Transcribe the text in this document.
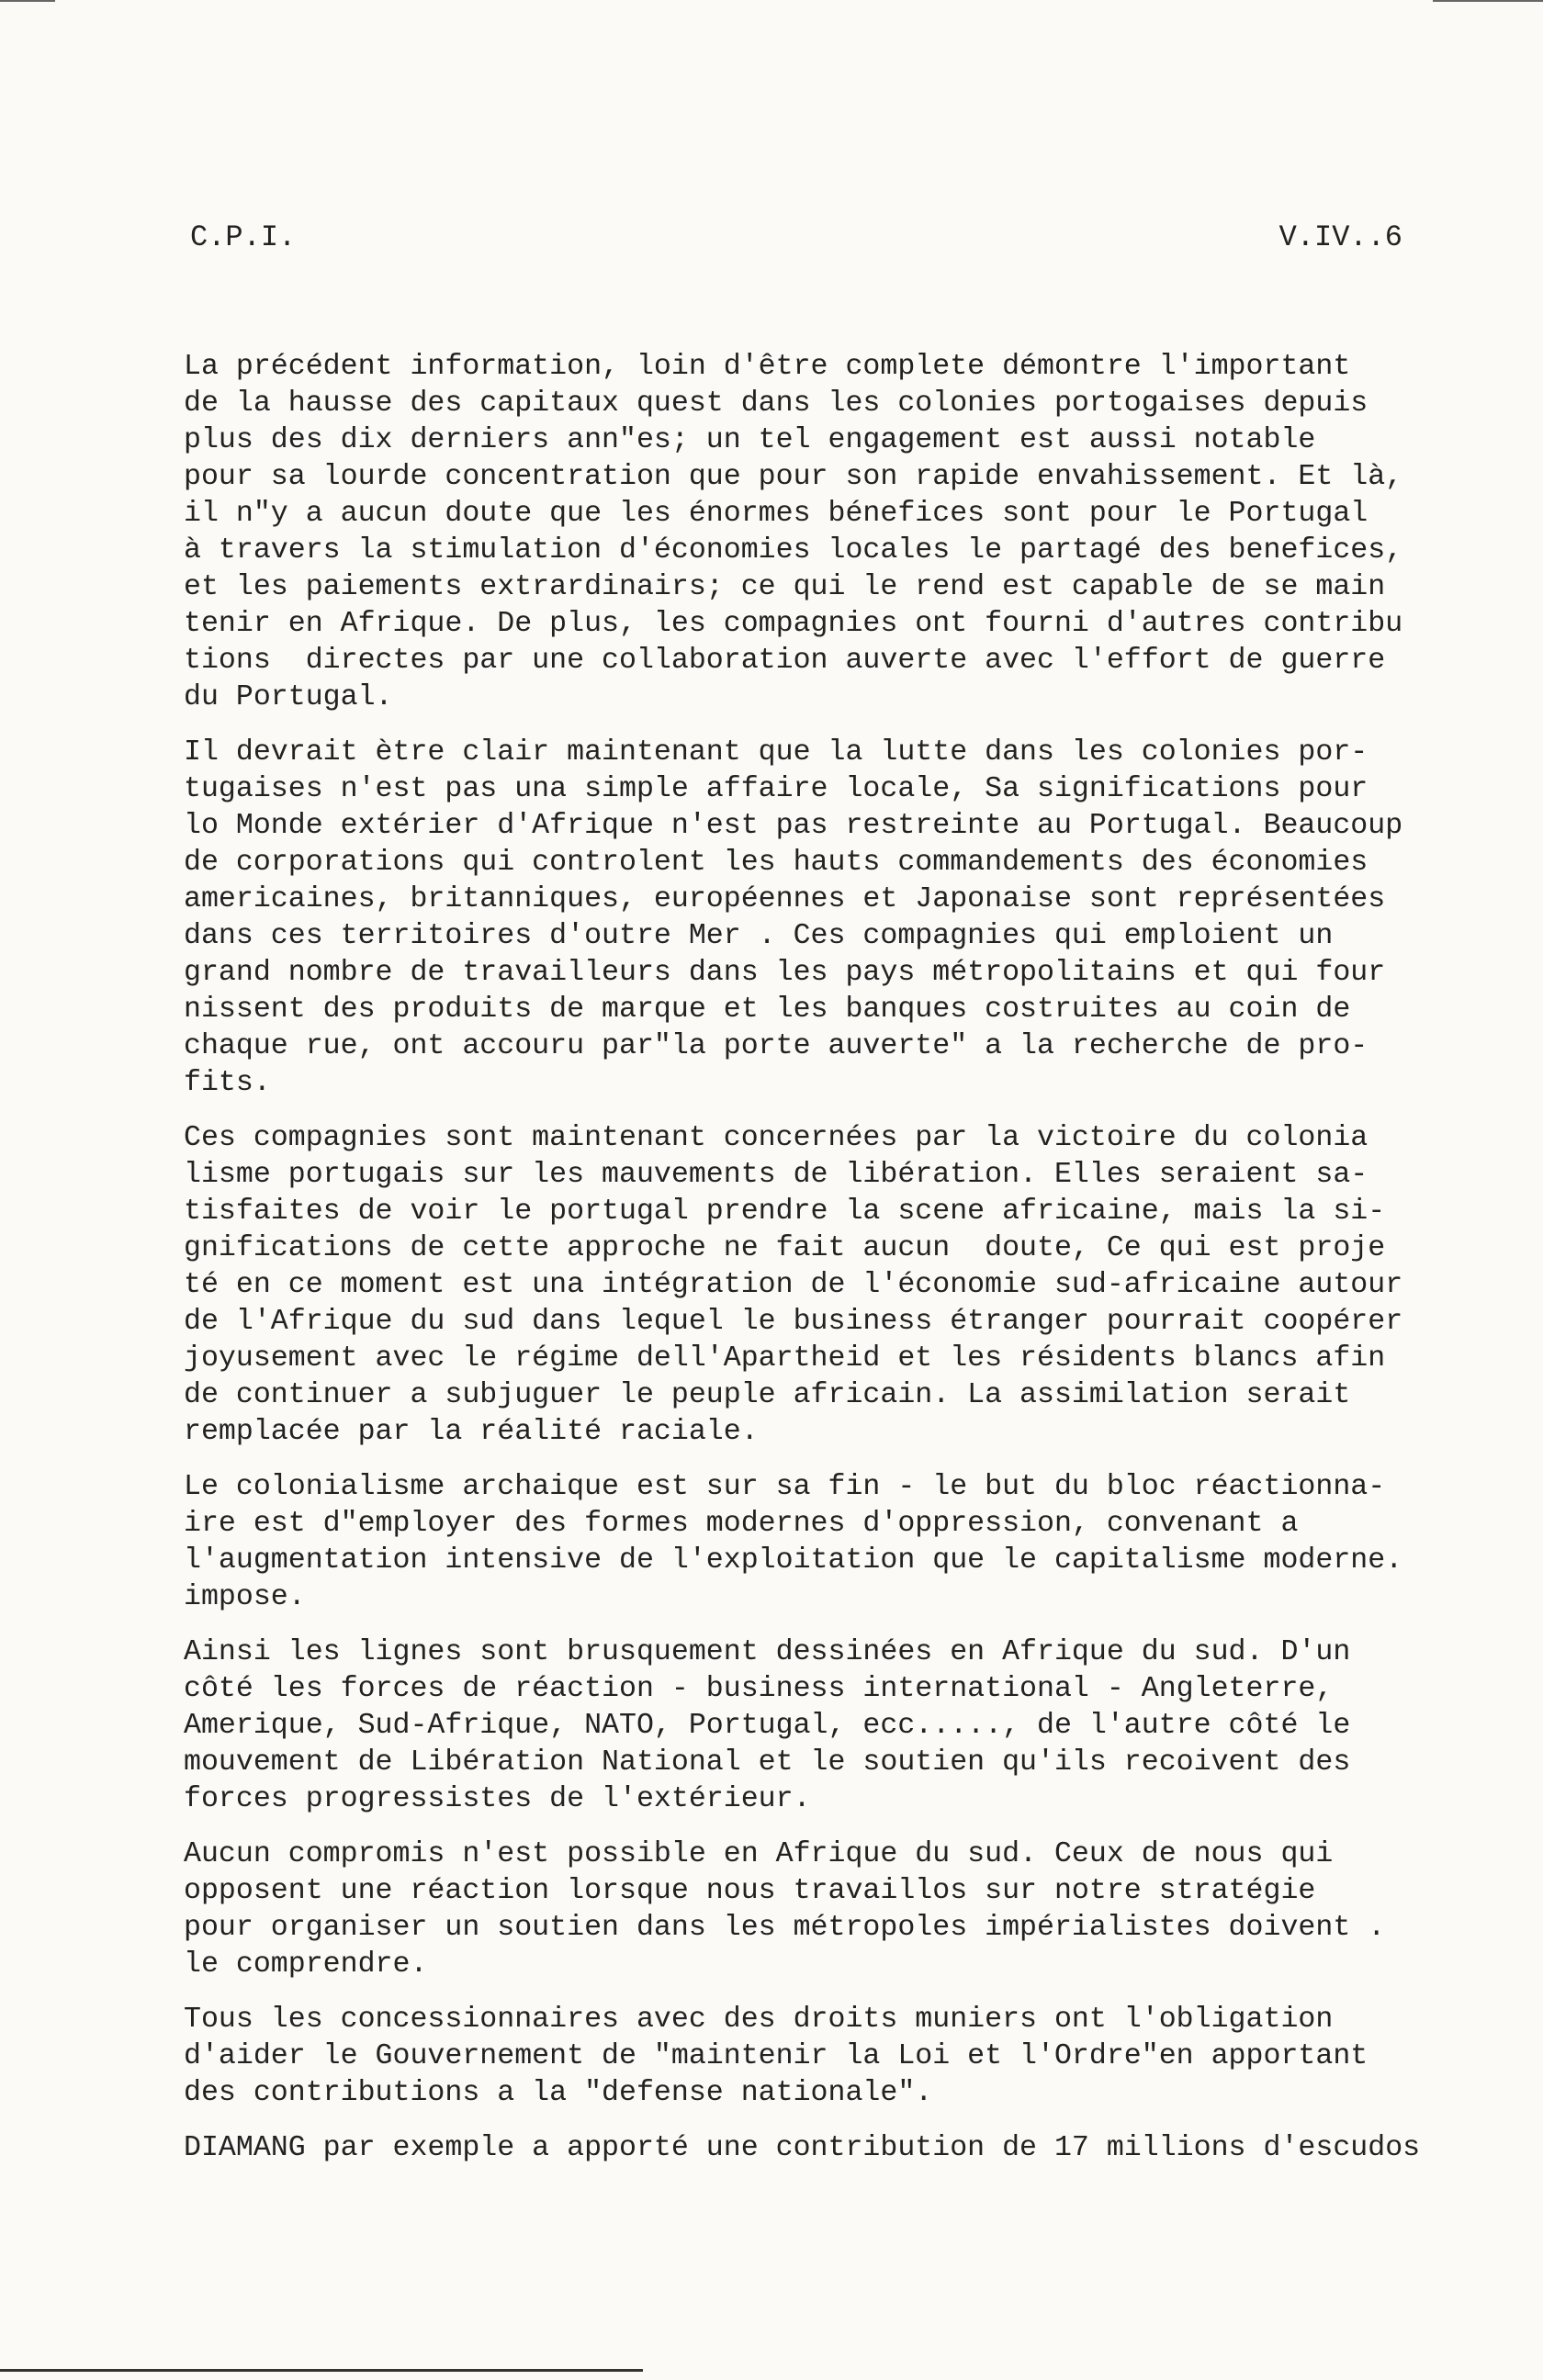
C.P.I.	V.IV..6
La précédent information, loin d'être complete démontre l'important
de la hausse des capitaux quest dans les colonies portogaises depuis
plus des dix derniers ann"es; un tel engagement est aussi notable
pour sa lourde concentration que pour son rapide envahissement. Et là,
il n"y a aucun doute que les énormes bénefices sont pour le Portugal
à travers la stimulation d'économies locales le partagé des benefices,
et les paiements extrardinairs; ce qui le rend est capable de se main
tenir en Afrique. De plus, les compagnies ont fourni d'autres contribu
tions  directes par une collaboration auverte avec l'effort de guerre
du Portugal.
Il devrait ètre clair maintenant que la lutte dans les colonies por-
tugaises n'est pas una simple affaire locale, Sa significations pour
lo Monde extérier d'Afrique n'est pas restreinte au Portugal. Beaucoup
de corporations qui controlent les hauts commandements des économies
americaines, britanniques, européennes et Japonaise sont représentées
dans ces territoires d'outre Mer . Ces compagnies qui emploient un
grand nombre de travailleurs dans les pays métropolitains et qui four
nissent des produits de marque et les banques costruites au coin de
chaque rue, ont accouru par"la porte auverte" a la recherche de pro-
fits.
Ces compagnies sont maintenant concernées par la victoire du colonia
lisme portugais sur les mauvements de libération. Elles seraient sa-
tisfaites de voir le portugal prendre la scene africaine, mais la si-
gnifications de cette approche ne fait aucun  doute, Ce qui est proje
té en ce moment est una intégration de l'économie sud-africaine autour
de l'Afrique du sud dans lequel le business étranger pourrait coopérer
joyusement avec le régime dell'Apartheid et les résidents blancs afin
de continuer a subjuguer le peuple africain. La assimilation serait
remplacée par la réalité raciale.
Le colonialisme archaique est sur sa fin - le but du bloc réactionna-
ire est d"employer des formes modernes d'oppression, convenant a
l'augmentation intensive de l'exploitation que le capitalisme moderne.
impose.
Ainsi les lignes sont brusquement dessinées en Afrique du sud. D'un
côté les forces de réaction - business international - Angleterre,
Amerique, Sud-Afrique, NATO, Portugal, ecc....., de l'autre côté le
mouvement de Libération National et le soutien qu'ils recoivent des
forces progressistes de l'extérieur.
Aucun compromis n'est possible en Afrique du sud. Ceux de nous qui
opposent une réaction lorsque nous travaillos sur notre stratégie
pour organiser un soutien dans les métropoles impérialistes doivent .
le comprendre.
Tous les concessionnaires avec des droits muniers ont l'obligation
d'aider le Gouvernement de "maintenir la Loi et l'Ordre"en apportant
des contributions a la "defense nationale".
DIAMANG par exemple a apporté une contribution de 17 millions d'escudos
